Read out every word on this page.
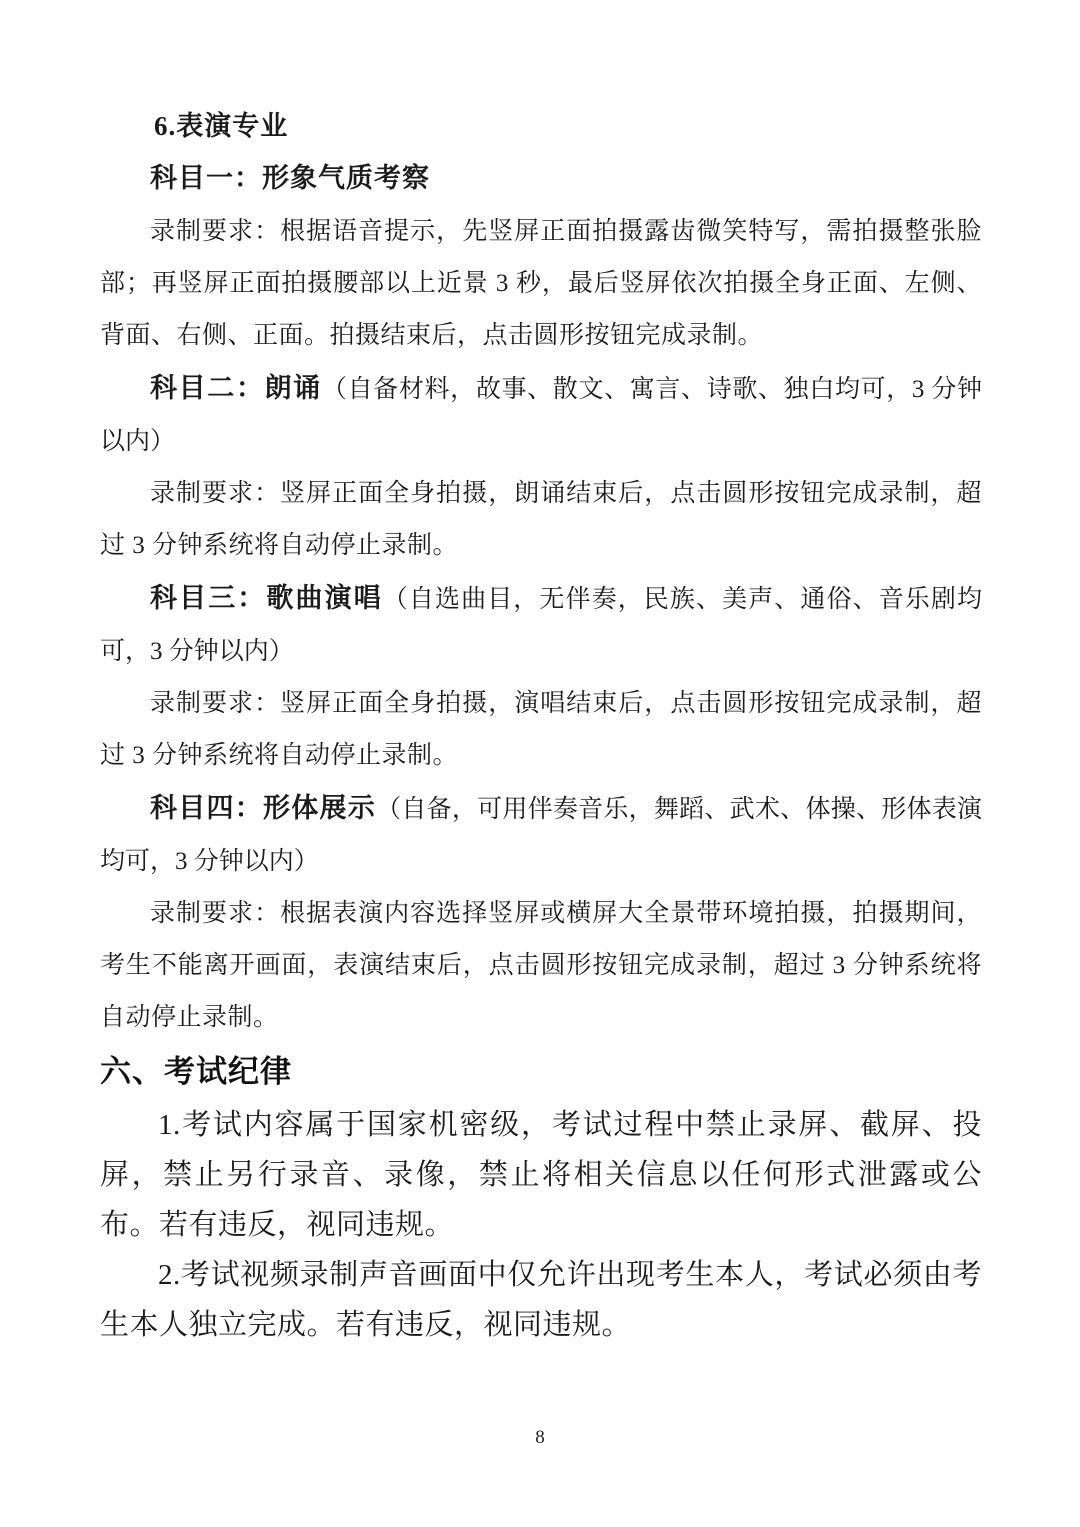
6.表演专业

科目一：形象气质考察

录制要求：根据语音提示，先竖屏正面拍摄露齿微笑特写，需拍摄整张脸部；再竖屏正面拍摄腰部以上近景 3 秒，最后竖屏依次拍摄全身正面、左侧、背面、右侧、正面。拍摄结束后，点击圆形按钮完成录制。

科目二：朗诵（自备材料，故事、散文、寓言、诗歌、独白均可，3 分钟以内）

录制要求：竖屏正面全身拍摄，朗诵结束后，点击圆形按钮完成录制，超过 3 分钟系统将自动停止录制。

科目三：歌曲演唱（自选曲目，无伴奏，民族、美声、通俗、音乐剧均可，3 分钟以内）

录制要求：竖屏正面全身拍摄，演唱结束后，点击圆形按钮完成录制，超过 3 分钟系统将自动停止录制。

科目四：形体展示（自备，可用伴奏音乐，舞蹈、武术、体操、形体表演均可，3 分钟以内）

录制要求：根据表演内容选择竖屏或横屏大全景带环境拍摄，拍摄期间，考生不能离开画面，表演结束后，点击圆形按钮完成录制，超过 3 分钟系统将自动停止录制。

六、考试纪律

1.考试内容属于国家机密级，考试过程中禁止录屏、截屏、投屏，禁止另行录音、录像，禁止将相关信息以任何形式泄露或公布。若有违反，视同违规。

2.考试视频录制声音画面中仅允许出现考生本人，考试必须由考生本人独立完成。若有违反，视同违规。

8
